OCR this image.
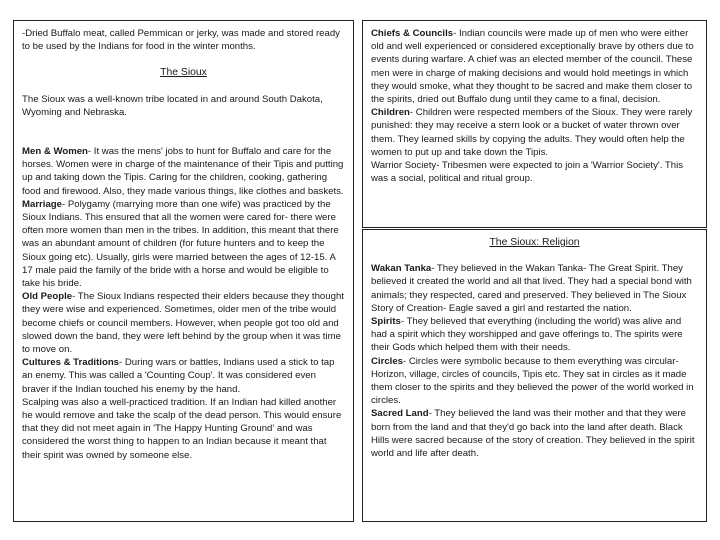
-Dried Buffalo meat, called Pemmican or jerky, was made and stored ready to be used by the Indians for food in the winter months.

The Sioux

The Sioux was a well-known tribe located in and around South Dakota, Wyoming and Nebraska.

Men & Women- It was the mens' jobs to hunt for Buffalo and care for the horses. Women were in charge of the maintenance of their Tipis and putting up and taking down the Tipis. Caring for the children, cooking, gathering food and firewood. Also, they made various things, like clothes and baskets.

Marriage- Polygamy (marrying more than one wife) was practiced by the Sioux Indians. This ensured that all the women were cared for- there were often more women than men in the tribes. In addition, this meant that there was an abundant amount of children (for future hunters and to keep the Sioux going etc). Usually, girls were married between the ages of 12-15. A 17 male paid the family of the bride with a horse and would be eligible to take his bride.

Old People- The Sioux Indians respected their elders because they thought they were wise and experienced. Sometimes, older men of the tribe would become chiefs or council members. However, when people got too old and slowed down the band, they were left behind by the group when it was time to move on.

Cultures & Traditions- During wars or battles, Indians used a stick to tap an enemy. This was called a 'Counting Coup'. It was considered even braver if the Indian touched his enemy by the hand.

Scalping was also a well-practiced tradition. If an Indian had killed another he would remove and take the scalp of the dead person. This would ensure that they did not meet again in 'The Happy Hunting Ground' and was considered the worst thing to happen to an Indian because it meant that their spirit was owned by someone else.

Chiefs & Councils- Indian councils were made up of men who were either old and well experienced or considered exceptionally brave by others due to events during warfare. A chief was an elected member of the council. These men were in charge of making decisions and would hold meetings in which they would smoke, what they thought to be sacred and make them closer to the spirits, dried out Buffalo dung until they came to a final, decision.

Children- Children were respected members of the Sioux. They were rarely punished: they may receive a stern look or a bucket of water thrown over them. They learned skills by copying the adults. They would often help the women to put up and take down the Tipis.

Warrior Society- Tribesmen were expected to join a 'Warrior Society'. This was a social, political and ritual group.

The Sioux: Religion

Wakan Tanka- They believed in the Wakan Tanka- The Great Spirit. They believed it created the world and all that lived. They had a special bond with animals; they respected, cared and preserved. They believed in The Sioux Story of Creation- Eagle saved a girl and restarted the nation.

Spirits- They believed that everything (including the world) was alive and had a spirit which they worshipped and gave offerings to. The spirits were their Gods which helped them with their needs.

Circles- Circles were symbolic because to them everything was circular- Horizon, village, circles of councils, Tipis etc. They sat in circles as it made them closer to the spirits and they believed the power of the world worked in circles.

Sacred Land- They believed the land was their mother and that they were born from the land and that they'd go back into the land after death. Black Hills were sacred because of the story of creation. They believed in the spirit world and life after death.
